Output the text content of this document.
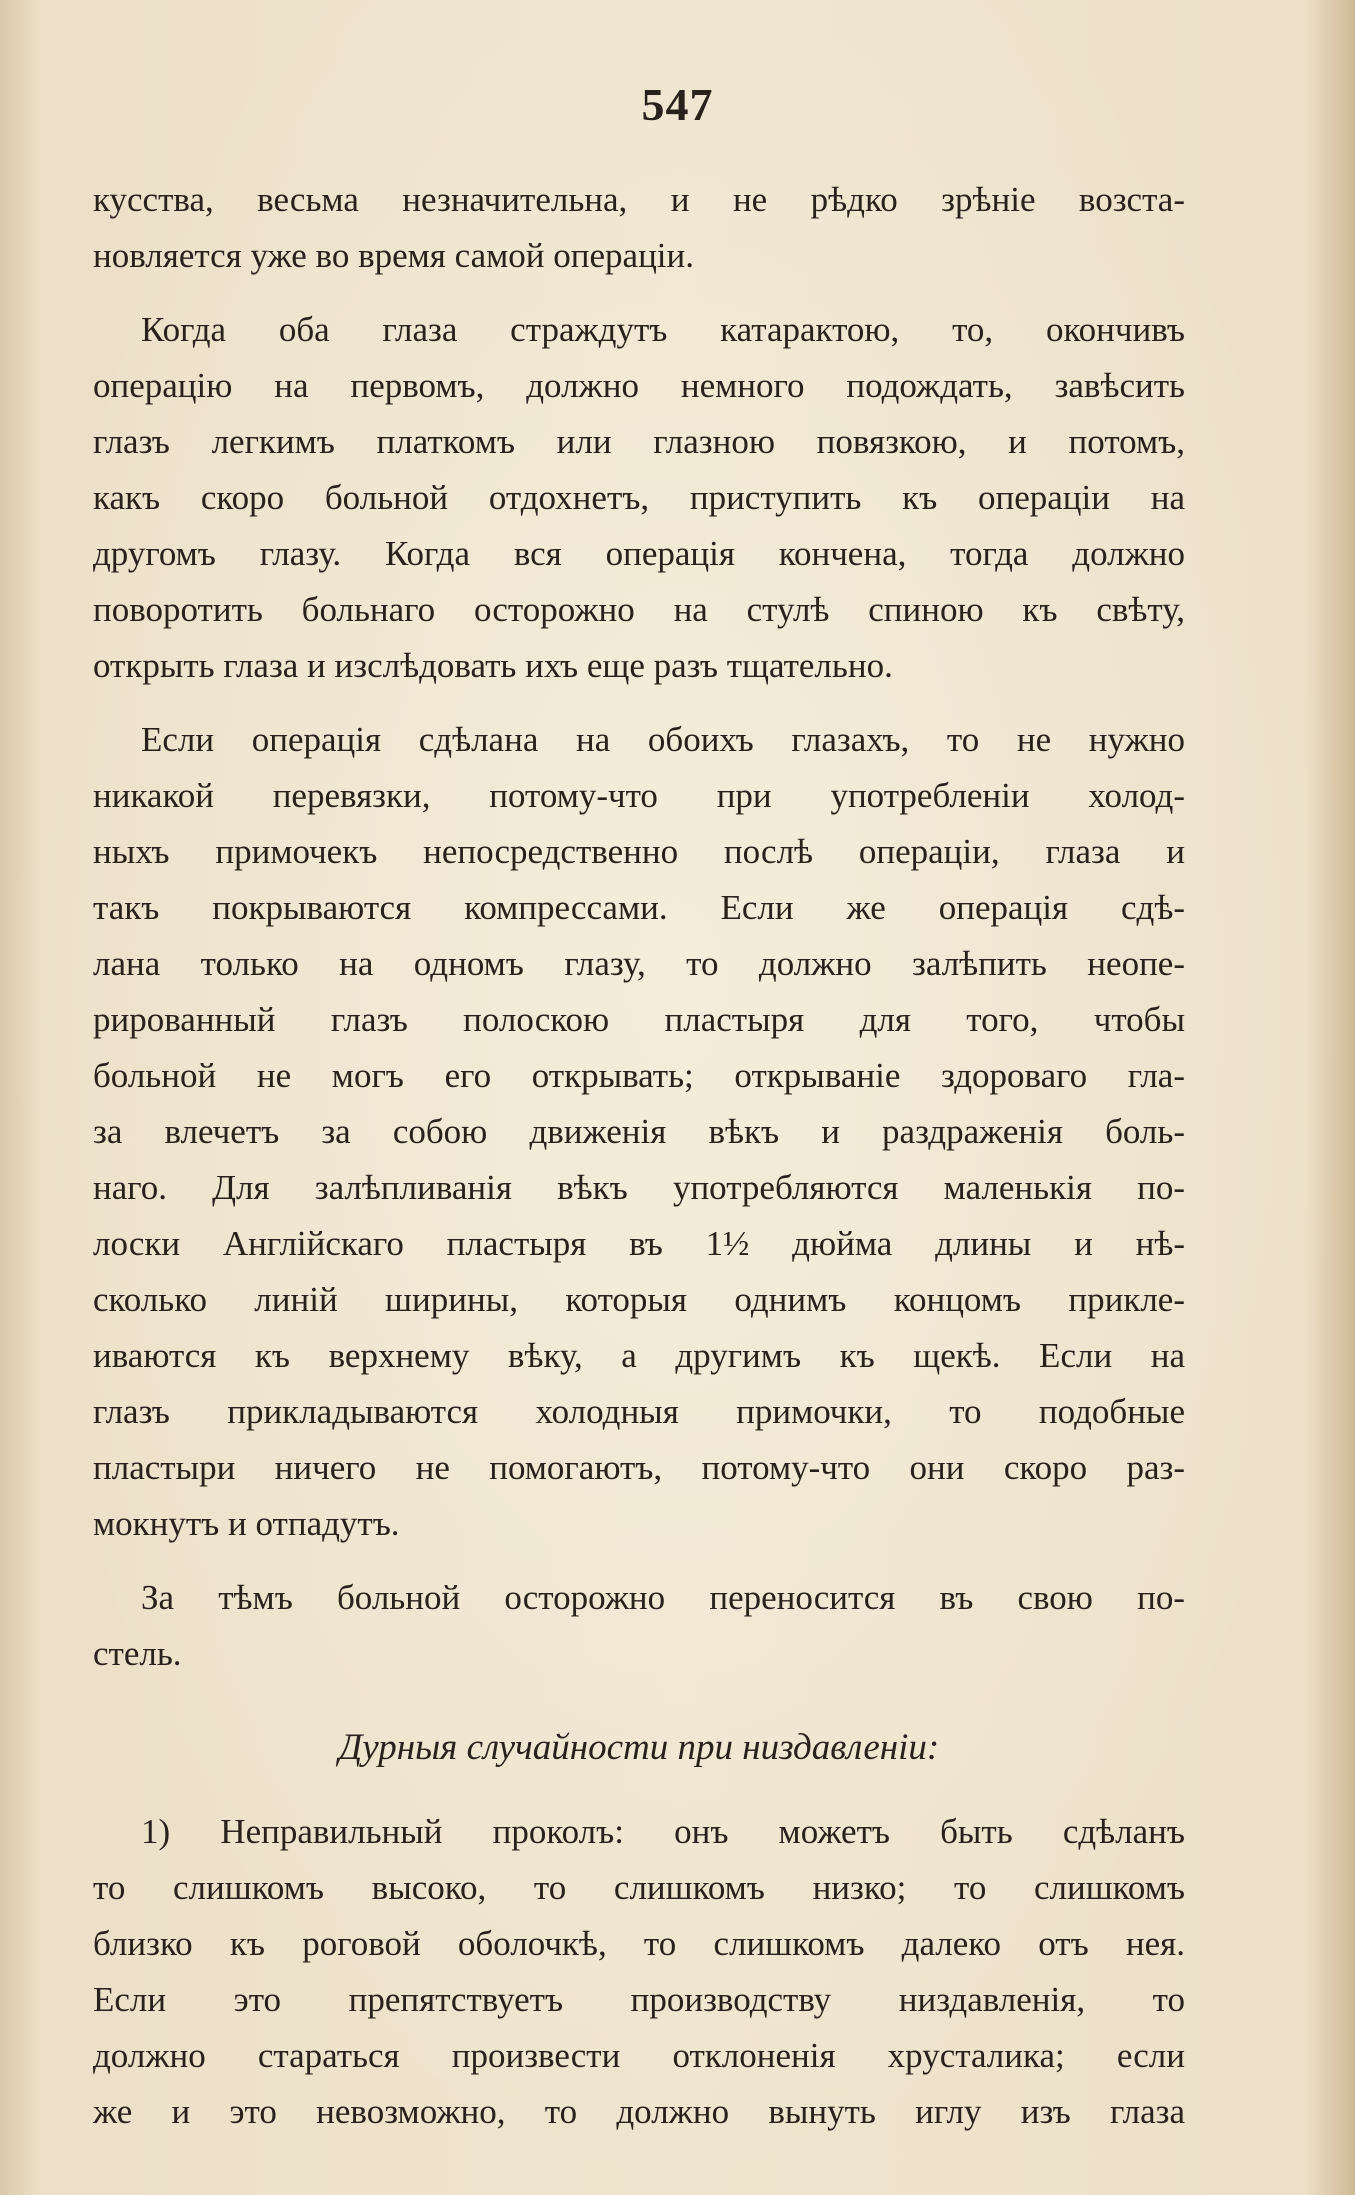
547

кусства, весьма незначительна, и не рѣдко зрѣніе возста-
новляется уже во время самой операціи.

Когда оба глаза страждутъ катарактою, то, окончивъ
операцію на первомъ, должно немного подождать, завѣсить
глазъ легкимъ платкомъ или глазною повязкою, и потомъ,
какъ скоро больной отдохнетъ, приступить къ операціи на
другомъ глазу. Когда вся операція кончена, тогда должно
поворотить больнаго осторожно на стулѣ спиною къ свѣту,
открыть глаза и изслѣдовать ихъ еще разъ тщательно.

Если операція сдѣлана на обоихъ глазахъ, то не нужно
никакой перевязки, потому-что при употребленіи холод-
ныхъ примочекъ непосредственно послѣ операціи, глаза и
такъ покрываются компрессами. Если же операція сдѣ-
лана только на одномъ глазу, то должно залѣпить неопе-
рированный глазъ полоскою пластыря для того, чтобы
больной не могъ его открывать; открываніе здороваго гла-
за влечетъ за собою движенія вѣкъ и раздраженія боль-
наго. Для залѣпливанія вѣкъ употребляются маленькія по-
лоски Англійскаго пластыря въ 1½ дюйма длины и нѣ-
сколько линій ширины, которыя однимъ концомъ прикле-
иваются къ верхнему вѣку, а другимъ къ щекѣ. Если на
глазъ прикладываются холодныя примочки, то подобные
пластыри ничего не помогаютъ, потому-что они скоро раз-
мокнутъ и отпадутъ.

За тѣмъ больной осторожно переносится въ свою по-
стель.

Дурныя случайности при низдавленіи:

1) Неправильный проколъ: онъ можетъ быть сдѣланъ
то слишкомъ высоко, то слишкомъ низко; то слишкомъ
близко къ роговой оболочкѣ, то слишкомъ далеко отъ нея.
Если это препятствуетъ производству низдавленія, то
должно стараться произвести отклоненія хрусталика; если
же и это невозможно, то должно вынуть иглу изъ глаза
